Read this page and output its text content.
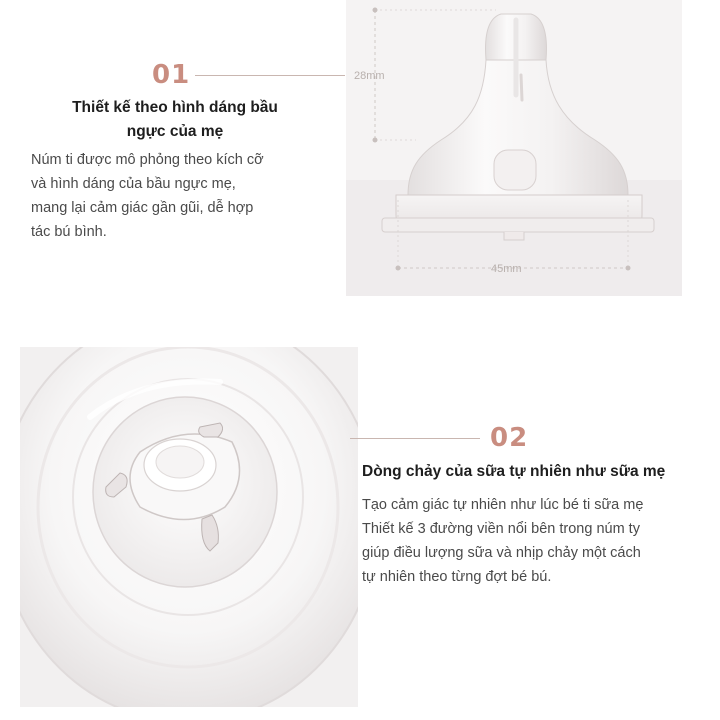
01
Thiết kế theo hình dáng bầu
ngực của mẹ
Núm ti được mô phỏng theo kích cỡ
và hình dáng của bầu ngực mẹ,
mang lại cảm giác gần gũi, dễ hợp
tác bú bình.
28mm
45mm
02
Dòng chảy của sữa tự nhiên như sữa mẹ
Tạo cảm giác tự nhiên như lúc bé ti sữa mẹ
Thiết kế 3 đường viền nổi bên trong núm ty
giúp điều lượng sữa và nhịp chảy một cách
tự nhiên theo từng đợt bé bú.
